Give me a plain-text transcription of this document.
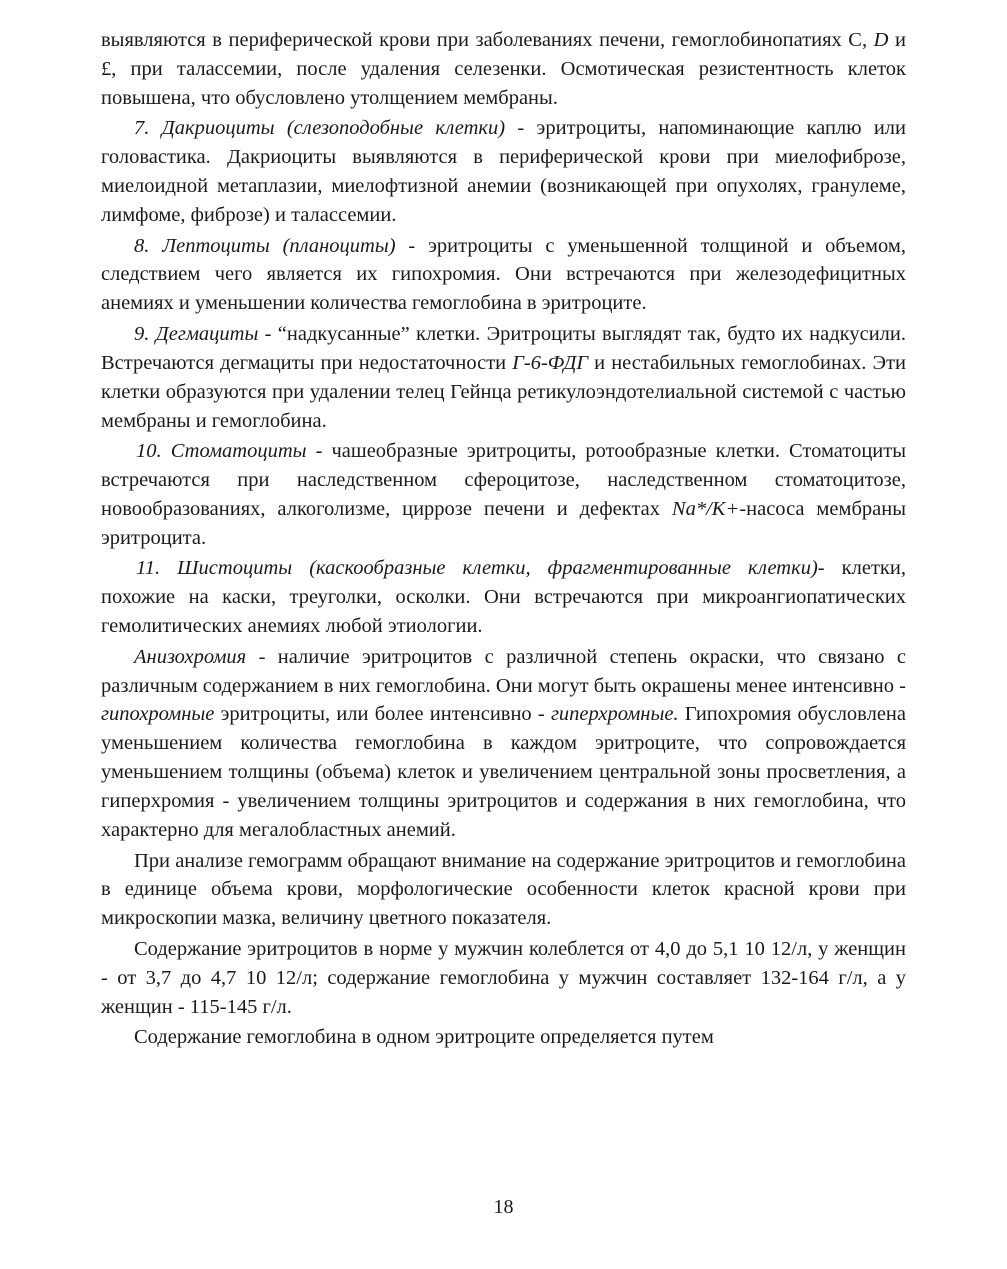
выявляются в периферической крови при заболеваниях печени, гемоглобинопатиях С, D и £, при талассемии, после удаления селезенки. Осмотическая резистентность клеток повышена, что обусловлено утолщением мембраны.

7. Дакриоциты (слезоподобные клетки) - эритроциты, напоминающие каплю или головастика. Дакриоциты выявляются в периферической крови при миелофиброзе, миелоидной метаплазии, миелофтизной анемии (возникающей при опухолях, гранулеме, лимфоме, фиброзе) и талассемии.

8. Лептоциты (планоциты) - эритроциты с уменьшенной толщиной и объемом, следствием чего является их гипохромия. Они встречаются при железодефицитных анемиях и уменьшении количества гемоглобина в эритроците.

9. Дегмациты - “надкусанные” клетки. Эритроциты выглядят так, будто их надкусили. Встречаются дегмациты при недостаточности Г-6-ФДГ и нестабильных гемоглобинах. Эти клетки образуются при удалении телец Гейнца ретикулоэндотелиальной системой с частью мембраны и гемоглобина.

10. Стоматоциты - чашеобразные эритроциты, ротообразные клетки. Стоматоциты встречаются при наследственном сфероцитозе, наследственном стоматоцитозе, новообразованиях, алкоголизме, циррозе печени и дефектах Na*/K+-насоса мембраны эритроцита.

11. Шистоциты (каскообразные клетки, фрагментированные клетки)- клетки, похожие на каски, треуголки, осколки. Они встречаются при микроангиопатических гемолитических анемиях любой этиологии.

Анизохромия - наличие эритроцитов с различной степень окраски, что связано с различным содержанием в них гемоглобина. Они могут быть окрашены менее интенсивно - гипохромные эритроциты, или более интенсивно - гиперхромные. Гипохромия обусловлена уменьшением количества гемоглобина в каждом эритроците, что сопровождается уменьшением толщины (объема) клеток и увеличением центральной зоны просветления, а гиперхромия - увеличением толщины эритроцитов и содержания в них гемоглобина, что характерно для мегалобластных анемий.

При анализе гемограмм обращают внимание на содержание эритроцитов и гемоглобина в единице объема крови, морфологические особенности клеток красной крови при микроскопии мазка, величину цветного показателя.

Содержание эритроцитов в норме у мужчин колеблется от 4,0 до 5,1 10 12/л, у женщин - от 3,7 до 4,7 10 12/л; содержание гемоглобина у мужчин составляет 132-164 г/л, а у женщин - 115-145 г/л.

Содержание гемоглобина в одном эритроците определяется путем

18
